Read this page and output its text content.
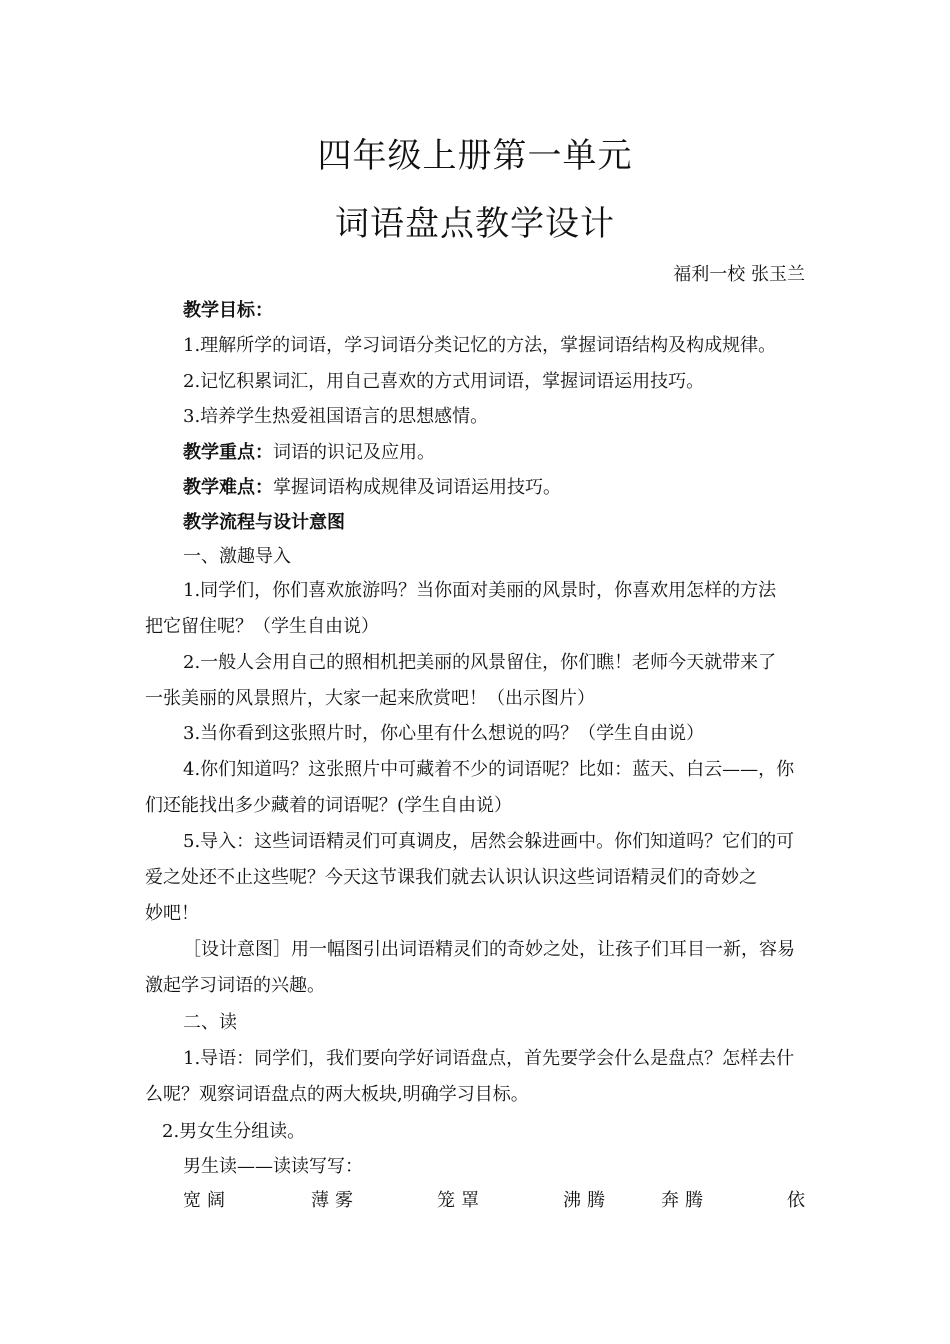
四年级上册第一单元
词语盘点教学设计
福利一校 张玉兰
教学目标：
1.理解所学的词语，学习词语分类记忆的方法，掌握词语结构及构成规律。
2.记忆积累词汇，用自己喜欢的方式用词语，掌握词语运用技巧。
3.培养学生热爱祖国语言的思想感情。
教学重点：词语的识记及应用。
教学难点：掌握词语构成规律及词语运用技巧。
教学流程与设计意图
一、激趣导入
1.同学们，你们喜欢旅游吗？当你面对美丽的风景时，你喜欢用怎样的方法
把它留住呢？（学生自由说）
2.一般人会用自己的照相机把美丽的风景留住，你们瞧！老师今天就带来了
一张美丽的风景照片，大家一起来欣赏吧！（出示图片）
3.当你看到这张照片时，你心里有什么想说的吗？（学生自由说）
4.你们知道吗？这张照片中可藏着不少的词语呢？比如：蓝天、白云——，你
们还能找出多少藏着的词语呢？(学生自由说）
5.导入：这些词语精灵们可真调皮，居然会躲进画中。你们知道吗？它们的可
爱之处还不止这些呢？今天这节课我们就去认识认识这些词语精灵们的奇妙之
妙吧！
［设计意图］用一幅图引出词语精灵们的奇妙之处，让孩子们耳目一新，容易
激起学习词语的兴趣。
二、读
1.导语：同学们，我们要向学好词语盘点，首先要学会什么是盘点？怎样去什
么呢？观察词语盘点的两大板块,明确学习目标。
2.男女生分组读。
男生读——读读写写：
宽阔	薄雾	笼罩	沸腾	奔腾	依
